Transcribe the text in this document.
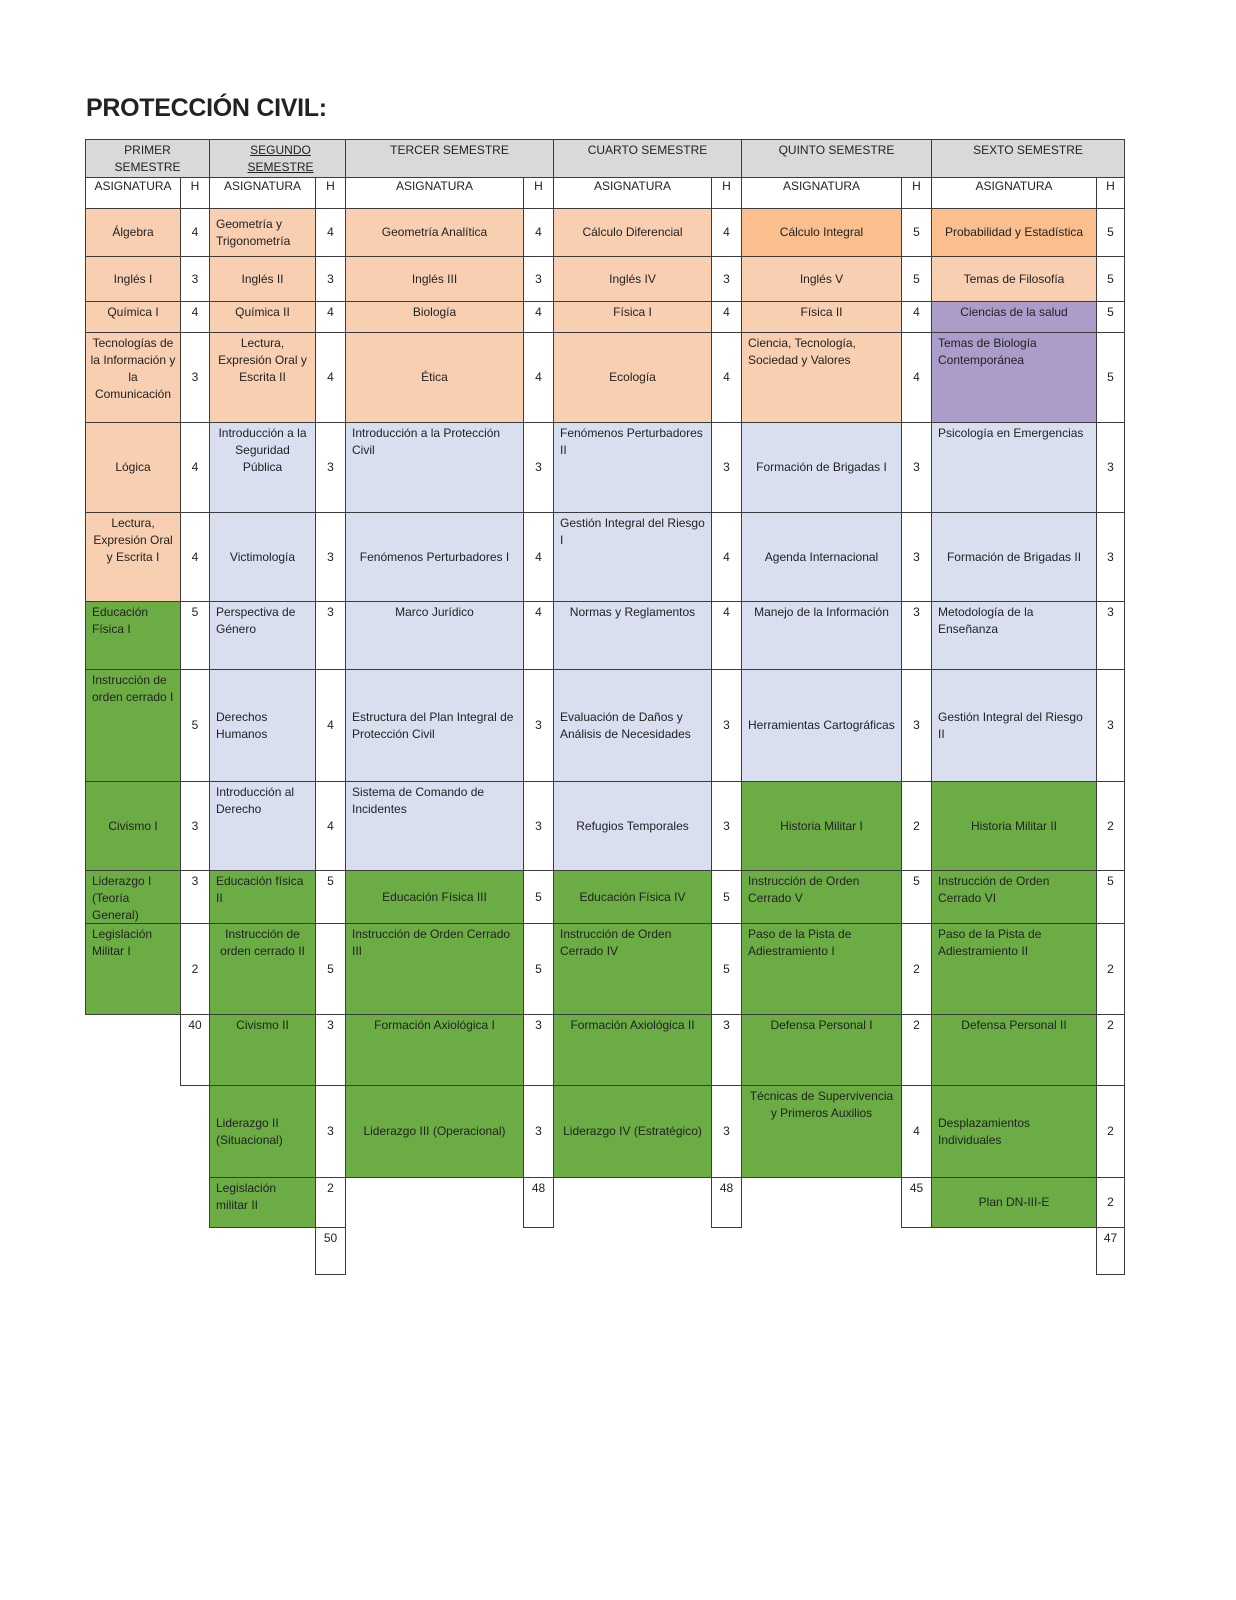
PROTECCIÓN CIVIL:
PRIMER SEMESTRE
ASIGNATURA H
Álgebra	4
Inglés I	3
Química I	4
Tecnologías de la Información y la Comunicación
3
Lógica	4
Lectura, Expresión Oral y Escrita I	4
Educación Física I
5
Instrucción de orden cerrado I
5
Civismo I	3
Liderazgo I (Teoría General)
3
Legislación Militar I
2
40
SEGUNDO SEMESTRE
ASIGNATURA H
Geometría y Trigonometría
4
Inglés II	3
Química II	4
Lectura, Expresión Oral y Escrita II	4
Introducción a la Seguridad Pública	3
Victimología	3
Perspectiva de Género
3
Derechos Humanos
4
Introducción al Derecho
4
Educación física II
5
Instrucción de orden cerrado II
5
Civismo II	3
Liderazgo II (Situacional)
3
Legislación militar II
2
50
TERCER SEMESTRE
ASIGNATURA	H
Geometría Analítica	4
Inglés III	3
Biología	4
Ética	4
Introducción a la Protección Civil
3
Fenómenos Perturbadores I 4
Marco Jurídico	4
Estructura del Plan Integral de Protección Civil
3
Sistema de Comando de Incidentes
3
Educación Física III	5
Instrucción de Orden Cerrado III
5
Formación Axiológica I	3
Liderazgo III (Operacional) 3
48
CUARTO SEMESTRE
ASIGNATURA	H
Cálculo Diferencial	4
Inglés IV	3
Física I	4
Ecología	4
Fenómenos Perturbadores II
3
Gestión Integral del Riesgo I
4
Normas y Reglamentos 4
Evaluación de Daños y Análisis de Necesidades
3
Refugios Temporales	3
Educación Física IV	5
Instrucción de Orden Cerrado IV
5
Formación Axiológica II 3
Liderazgo IV (Estratégico) 3
48
QUINTO SEMESTRE
ASIGNATURA	H
Cálculo Integral	5
Inglés V	5
Física II	4
Ciencia, Tecnología, Sociedad y Valores
4
Formación de Brigadas I 3
Agenda Internacional	3
Manejo de la Información 3
Herramientas Cartográficas 3
Historia Militar I	2
Instrucción de Orden Cerrado V
5
Paso de la Pista de Adiestramiento I
2
Defensa Personal I	2
Técnicas de Supervivencia y Primeros Auxilios
4
45
SEXTO SEMESTRE
ASIGNATURA	H
Probabilidad y Estadística 5
Temas de Filosofía	5
Ciencias de la salud	5
Temas de Biología Contemporánea
5
Psicología en Emergencias
3
Formación de Brigadas II 3
Metodología de la Enseñanza
3
Gestión Integral del Riesgo II
3
Historia Militar II	2
Instrucción de Orden Cerrado VI
5
Paso de la Pista de Adiestramiento II
2
Defensa Personal II	2
Desplazamientos Individuales
2
Plan DN-III-E	2
47
